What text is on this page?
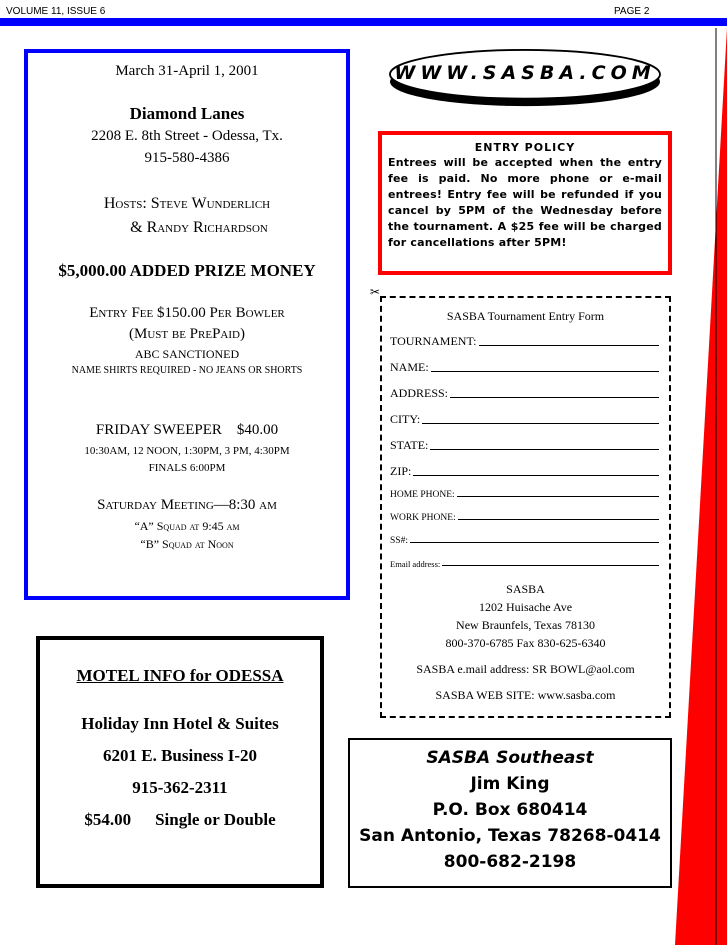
VOLUME 11, ISSUE 6	PAGE 2
March 31-April 1, 2001
Diamond Lanes
2208 E. 8th Street - Odessa, Tx.
915-580-4386
Hosts: Steve Wunderlich
& Randy Richardson
$5,000.00 ADDED PRIZE MONEY
Entry Fee $150.00 Per Bowler
(Must be PrePaid)
ABC SANCTIONED
NAME SHIRTS REQUIRED - NO JEANS OR SHORTS
FRIDAY SWEEPER    $40.00
10:30AM, 12 NOON, 1:30PM, 3 PM, 4:30PM
FINALS 6:00PM
Saturday Meeting—8:30 am
“A” Squad at 9:45 am
“B” Squad at Noon
WWW.SASBA.COM
ENTRY POLICY
Entrees will be accepted when the entry fee is paid. No more phone or e-mail entrees! Entry fee will be refunded if you cancel by 5PM of the Wednesday before the tournament. A $25 fee will be charged for cancellations after 5PM!
✂
SASBA Tournament Entry Form
TOURNAMENT:
NAME:
ADDRESS:
CITY:
STATE:
ZIP:
HOME PHONE:
WORK PHONE:
SS#:
Email address:
SASBA
1202 Huisache Ave
New Braunfels, Texas 78130
800-370-6785 Fax 830-625-6340
SASBA e.mail address: SR BOWL@aol.com
SASBA WEB SITE: www.sasba.com
MOTEL INFO for ODESSA
Holiday Inn Hotel & Suites
6201 E. Business I-20
915-362-2311
$54.00 Single or Double
SASBA Southeast
Jim King
P.O. Box 680414
San Antonio, Texas 78268-0414
800-682-2198
